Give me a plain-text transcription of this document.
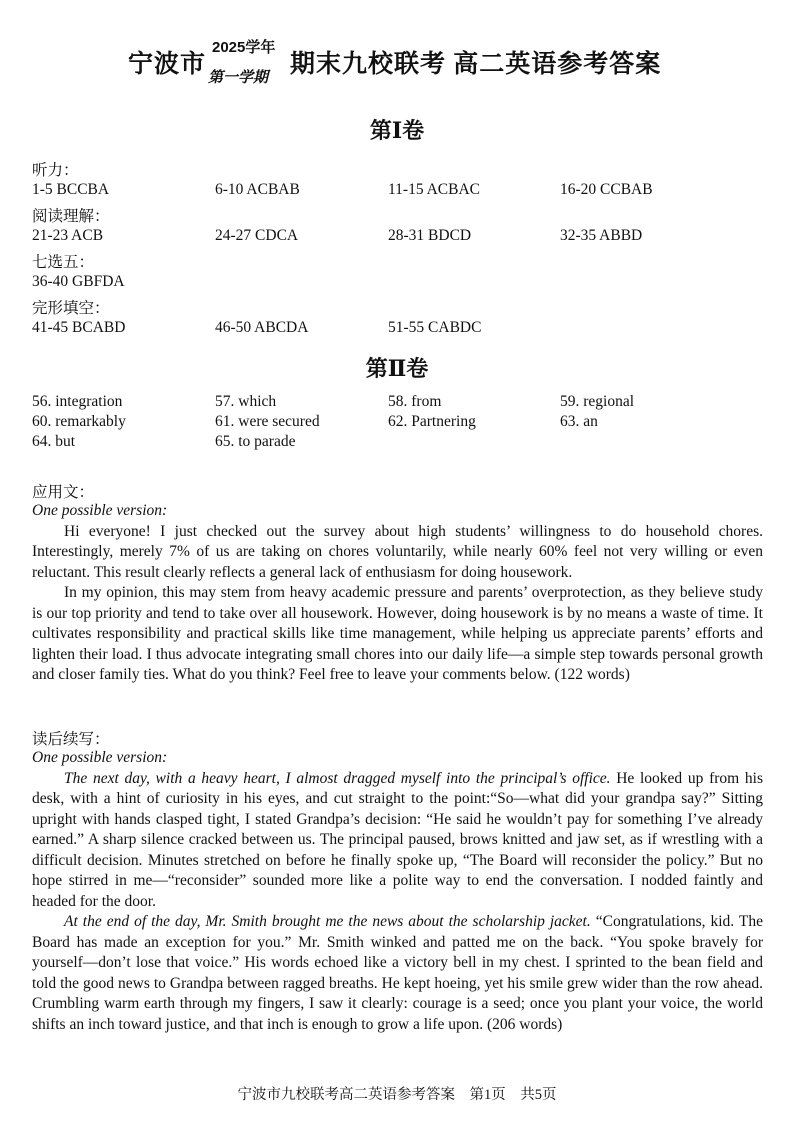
宁波市
2025学年
第一学期 期末九校联考 高二英语参考答案
第Ⅰ卷
听力：
1-5 BCCBA	6-10 ACBAB	11-15 ACBAC	16-20 CCBAB
阅读理解：
21-23 ACB	24-27 CDCA	28-31 BDCD	32-35 ABBD
七选五：
36-40 GBFDA
完形填空：
41-45 BCABD	46-50 ABCDA	51-55 CABDC
第Ⅱ卷
56. integration	57. which	58. from	59. regional
60. remarkably	61. were secured	62. Partnering	63. an
64. but	65. to parade
应用文：
One possible version:

Hi everyone! I just checked out the survey about high students’ willingness to do household chores. Interestingly, merely 7% of us are taking on chores voluntarily, while nearly 60% feel not very willing or even reluctant. This result clearly reflects a general lack of enthusiasm for doing housework.

In my opinion, this may stem from heavy academic pressure and parents’ overprotection, as they believe study is our top priority and tend to take over all housework. However, doing housework is by no means a waste of time. It cultivates responsibility and practical skills like time management, while helping us appreciate parents’ efforts and lighten their load. I thus advocate integrating small chores into our daily life—a simple step towards personal growth and closer family ties. What do you think? Feel free to leave your comments below. (122 words)

读后续写：
One possible version:

The next day, with a heavy heart, I almost dragged myself into the principal’s office. He looked up from his desk, with a hint of curiosity in his eyes, and cut straight to the point:“So—what did your grandpa say?” Sitting upright with hands clasped tight, I stated Grandpa’s decision: “He said he wouldn’t pay for something I’ve already earned.” A sharp silence cracked between us. The principal paused, brows knitted and jaw set, as if wrestling with a difficult decision. Minutes stretched on before he finally spoke up, “The Board will reconsider the policy.” But no hope stirred in me—“reconsider” sounded more like a polite way to end the conversation. I nodded faintly and headed for the door.

At the end of the day, Mr. Smith brought me the news about the scholarship jacket. “Congratulations, kid. The Board has made an exception for you.” Mr. Smith winked and patted me on the back. “You spoke bravely for yourself—don’t lose that voice.” His words echoed like a victory bell in my chest. I sprinted to the bean field and told the good news to Grandpa between ragged breaths. He kept hoeing, yet his smile grew wider than the row ahead. Crumbling warm earth through my fingers, I saw it clearly: courage is a seed; once you plant your voice, the world shifts an inch toward justice, and that inch is enough to grow a life upon. (206 words)

宁波市九校联考高二英语参考答案    第1页    共5页
